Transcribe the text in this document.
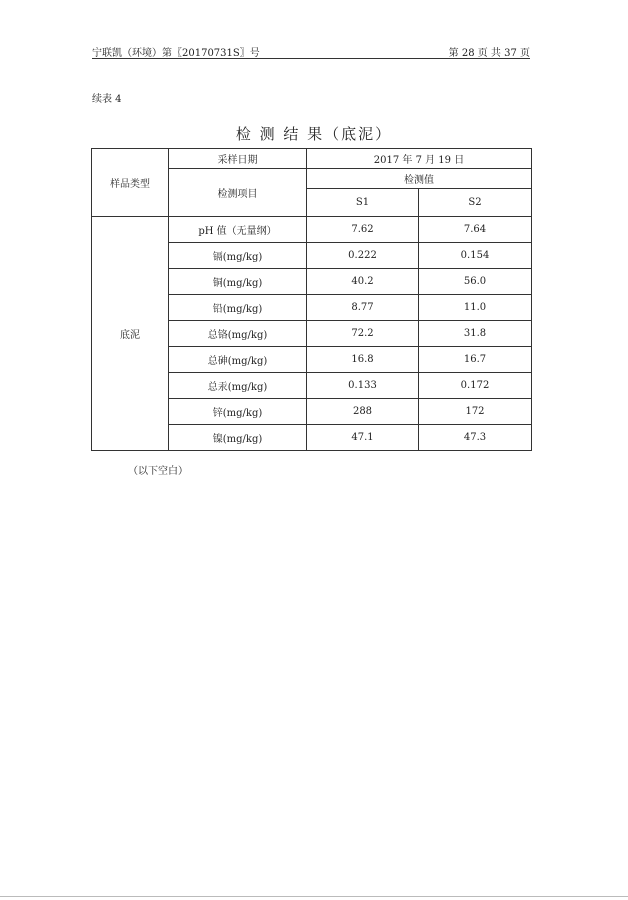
宁联凯（环境）第〖20170731S〗号	第 28 页 共 37 页
续表 4
检 测 结 果（底泥）
样品类型	采样日期	2017 年 7 月 19 日	
	检测项目	检测值	
		S1	S2
底泥	pH 值（无量纲）	7.62	7.64
	镉(mg/kg)	0.222	0.154
	铜(mg/kg)	40.2	56.0
	铅(mg/kg)	8.77	11.0
	总铬(mg/kg)	72.2	31.8
	总砷(mg/kg)	16.8	16.7
	总汞(mg/kg)	0.133	0.172
	锌(mg/kg)	288	172
	镍(mg/kg)	47.1	47.3
（以下空白）
